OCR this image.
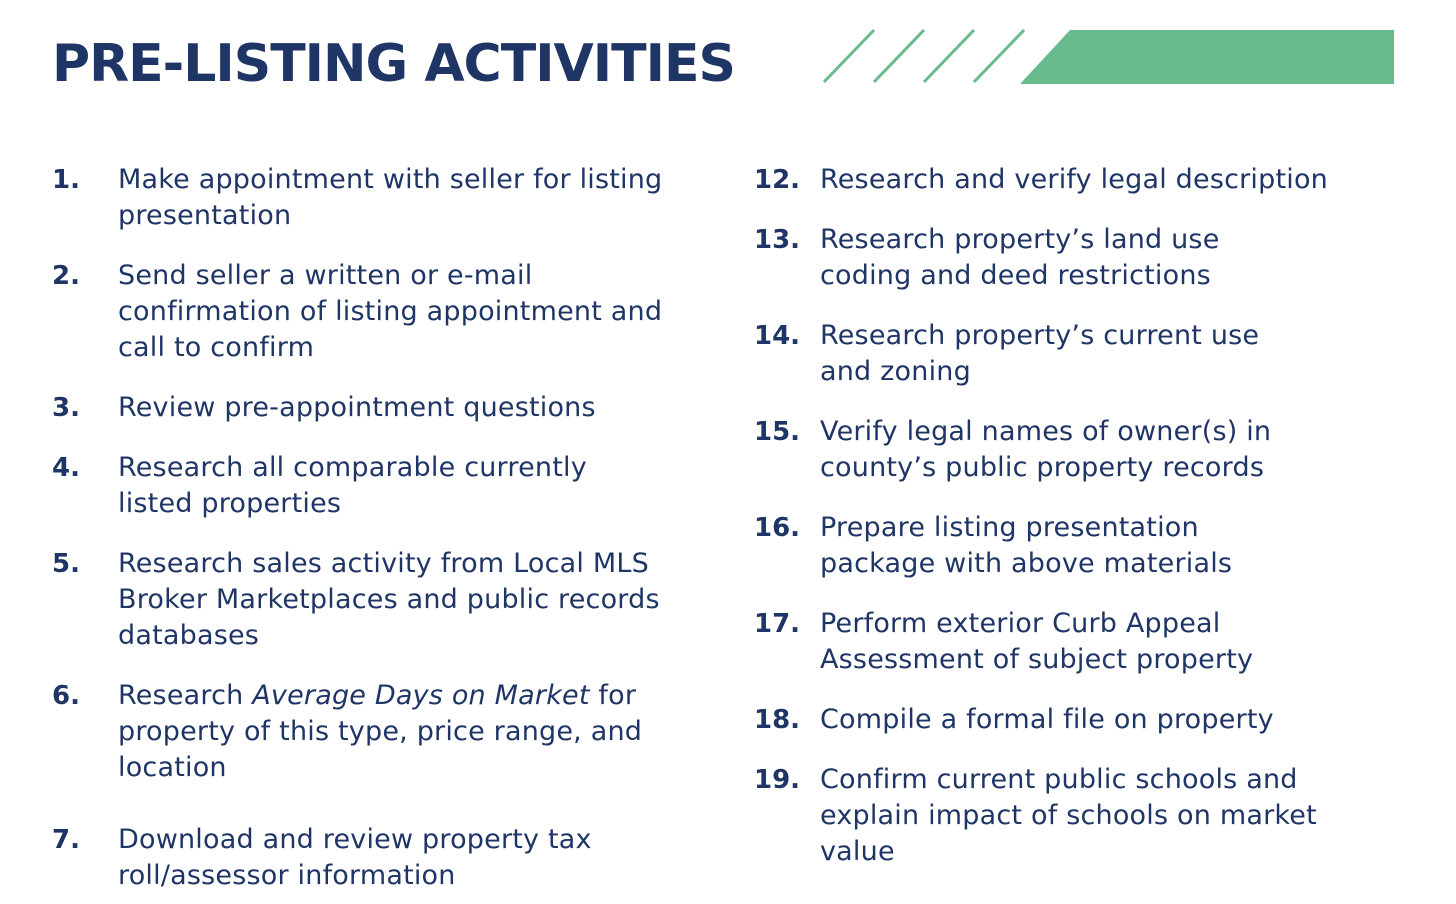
PRE-LISTING ACTIVITIES
1.	Make appointment with seller for listing presentation
2.	Send seller a written or e-mail confirmation of listing appointment and call to confirm
3.	Review pre-appointment questions
4.	Research all comparable currently listed properties
5.	Research sales activity from Local MLS Broker Marketplaces and public records databases
6.	Research Average Days on Market for property of this type, price range, and location
7.	Download and review property tax roll/assessor information
12. Research and verify legal description
13. Research property’s land use coding and deed restrictions
14. Research property’s current use and zoning
15. Verify legal names of owner(s) in county’s public property records
16. Prepare listing presentation package with above materials
17. Perform exterior Curb Appeal Assessment of subject property
18. Compile a formal file on property
19. Confirm current public schools and explain impact of schools on market value
